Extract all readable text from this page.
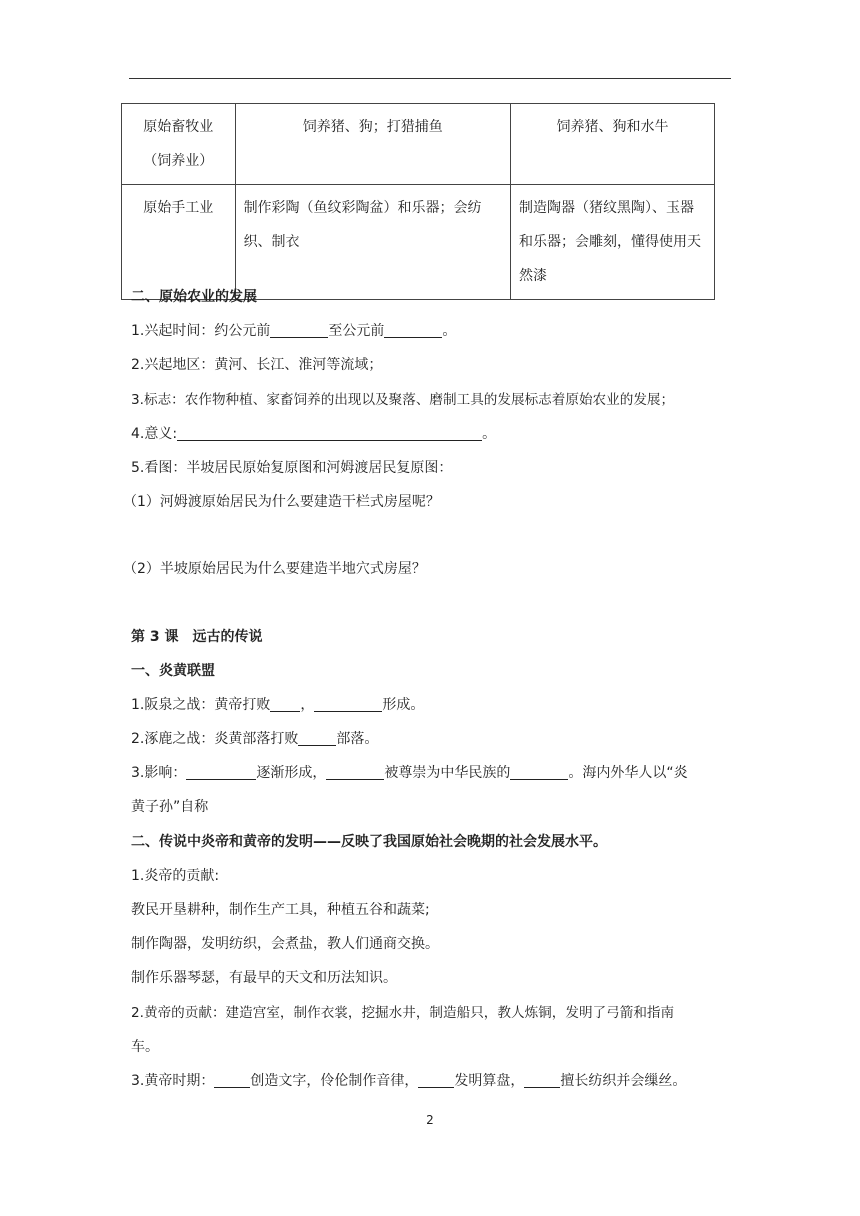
原始畜牧业
（饲养业）	饲养猪、狗；打猎捕鱼	饲养猪、狗和水牛

原始手工业	制作彩陶（鱼纹彩陶盆）和乐器；会纺织、制衣	制造陶器（猪纹黑陶）、玉器和乐器；会雕刻，懂得使用天然漆
二、原始农业的发展
1.兴起时间：约公元前	至公元前	。
2.兴起地区：黄河、长江、淮河等流域；
3.标志：农作物种植、家畜饲养的出现以及聚落、磨制工具的发展标志着原始农业的发展；
4.意义:	。
5.看图：半坡居民原始复原图和河姆渡居民复原图：
（1）河姆渡原始居民为什么要建造干栏式房屋呢？
（2）半坡原始居民为什么要建造半地穴式房屋？
第 3 课　远古的传说
一、炎黄联盟
1.阪泉之战：黄帝打败 ，	形成。
2.涿鹿之战：炎黄部落打败	部落。
3.影响：	逐渐形成，	被尊崇为中华民族的	。海内外华人以“炎
黄子孙”自称
二、传说中炎帝和黄帝的发明——反映了我国原始社会晚期的社会发展水平。
1.炎帝的贡献:
教民开垦耕种，制作生产工具，种植五谷和蔬菜;
制作陶器，发明纺织，会煮盐，教人们通商交换。
制作乐器琴瑟，有最早的天文和历法知识。
2.黄帝的贡献：建造宫室，制作衣裳，挖掘水井，制造船只，教人炼铜，发明了弓箭和指南
车。
3.黄帝时期：	创造文字，伶伦制作音律，	发明算盘，	擅长纺织并会缫丝。
2
